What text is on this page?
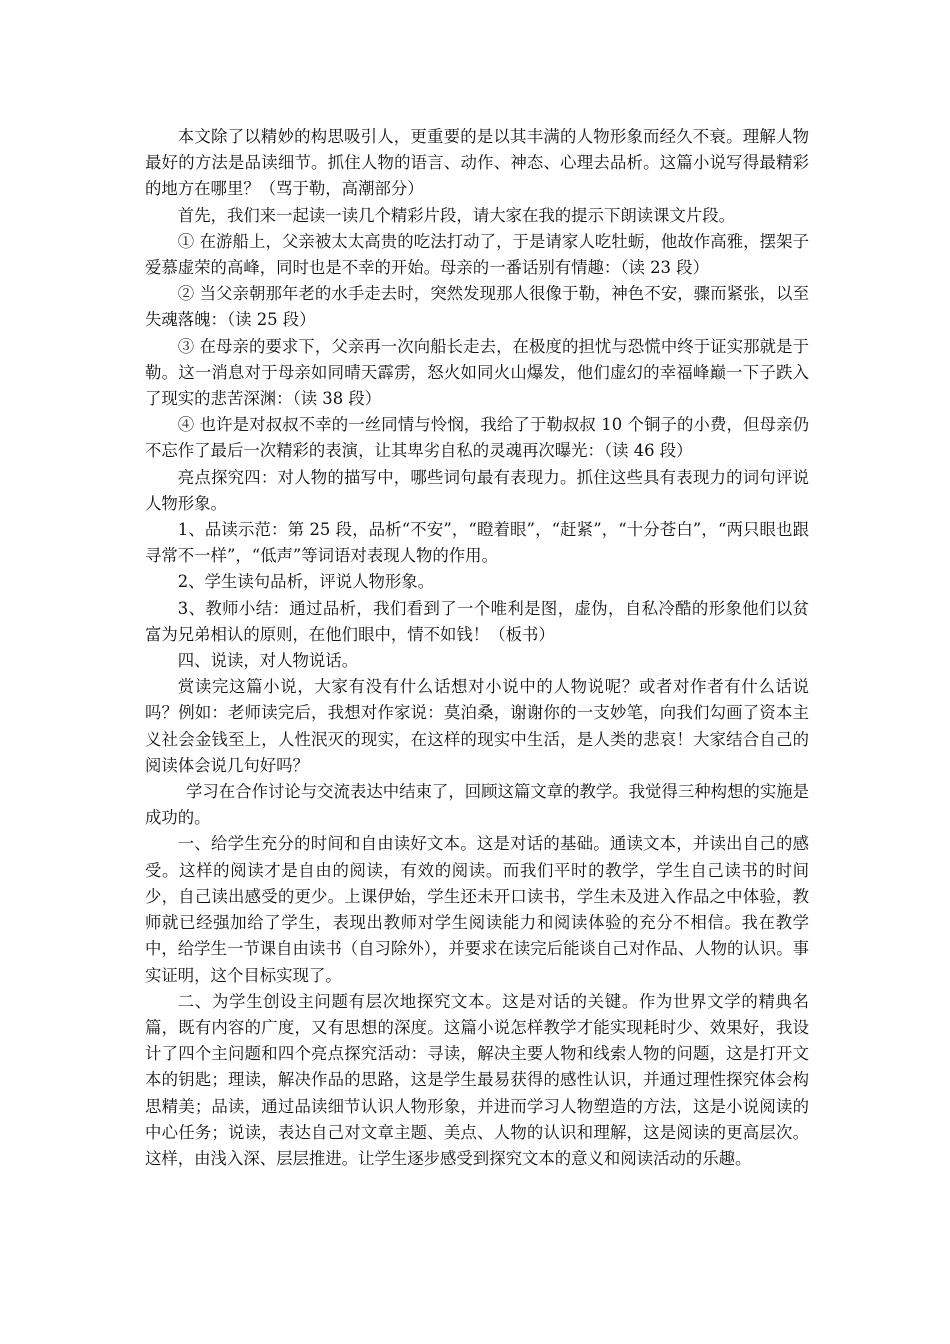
本文除了以精妙的构思吸引人，更重要的是以其丰满的人物形象而经久不衰。理解人物最好的方法是品读细节。抓住人物的语言、动作、神态、心理去品析。这篇小说写得最精彩的地方在哪里？（骂于勒，高潮部分）

首先，我们来一起读一读几个精彩片段，请大家在我的提示下朗读课文片段。

① 在游船上，父亲被太太高贵的吃法打动了，于是请家人吃牡蛎，他故作高雅，摆架子爱慕虚荣的高峰，同时也是不幸的开始。母亲的一番话别有情趣：（读 23 段）

② 当父亲朝那年老的水手走去时，突然发现那人很像于勒，神色不安，骤而紧张，以至失魂落魄：（读 25 段）

③ 在母亲的要求下，父亲再一次向船长走去，在极度的担忧与恐慌中终于证实那就是于勒。这一消息对于母亲如同晴天霹雳，怒火如同火山爆发，他们虚幻的幸福峰巅一下子跌入了现实的悲苦深渊：（读 38 段）

④ 也许是对叔叔不幸的一丝同情与怜悯，我给了于勒叔叔 10 个铜子的小费，但母亲仍不忘作了最后一次精彩的表演，让其卑劣自私的灵魂再次曝光：（读 46 段）

亮点探究四：对人物的描写中，哪些词句最有表现力。抓住这些具有表现力的词句评说人物形象。

1、品读示范：第 25 段，品析“不安”，“瞪着眼”，“赶紧”，“十分苍白”，“两只眼也跟寻常不一样”，“低声”等词语对表现人物的作用。

2、学生读句品析，评说人物形象。

3、教师小结：通过品析，我们看到了一个唯利是图，虚伪，自私冷酷的形象他们以贫富为兄弟相认的原则，在他们眼中，情不如钱！（板书）

四、说读，对人物说话。

赏读完这篇小说，大家有没有什么话想对小说中的人物说呢？或者对作者有什么话说吗？例如：老师读完后，我想对作家说：莫泊桑，谢谢你的一支妙笔，向我们勾画了资本主义社会金钱至上，人性泯灭的现实，在这样的现实中生活，是人类的悲哀！大家结合自己的阅读体会说几句好吗？

学习在合作讨论与交流表达中结束了，回顾这篇文章的教学。我觉得三种构想的实施是成功的。

一、给学生充分的时间和自由读好文本。这是对话的基础。通读文本，并读出自己的感受。这样的阅读才是自由的阅读，有效的阅读。而我们平时的教学，学生自己读书的时间少，自己读出感受的更少。上课伊始，学生还未开口读书，学生未及进入作品之中体验，教师就已经强加给了学生，表现出教师对学生阅读能力和阅读体验的充分不相信。我在教学中，给学生一节课自由读书（自习除外），并要求在读完后能谈自己对作品、人物的认识。事实证明，这个目标实现了。

二、为学生创设主问题有层次地探究文本。这是对话的关键。作为世界文学的精典名篇，既有内容的广度，又有思想的深度。这篇小说怎样教学才能实现耗时少、效果好，我设计了四个主问题和四个亮点探究活动：寻读，解决主要人物和线索人物的问题，这是打开文本的钥匙；理读，解决作品的思路，这是学生最易获得的感性认识，并通过理性探究体会构思精美；品读，通过品读细节认识人物形象，并进而学习人物塑造的方法，这是小说阅读的中心任务；说读，表达自己对文章主题、美点、人物的认识和理解，这是阅读的更高层次。这样，由浅入深、层层推进。让学生逐步感受到探究文本的意义和阅读活动的乐趣。
